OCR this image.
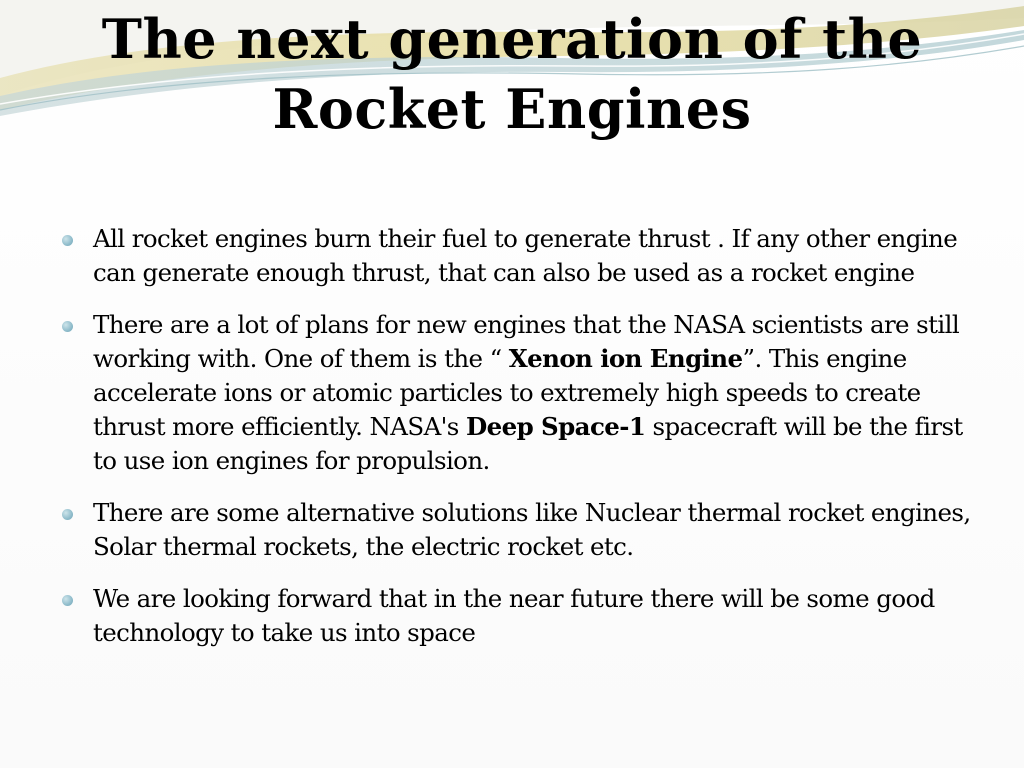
The next generation of the
Rocket Engines
All rocket engines burn their fuel to generate thrust . If any other engine can generate enough thrust, that can also be used as a rocket engine
There are a lot of plans for new engines that the NASA scientists are still working with. One of them is the “ Xenon ion Engine”. This engine accelerate ions or atomic particles to extremely high speeds to create thrust more efficiently. NASA's Deep Space-1 spacecraft will be the first to use ion engines for propulsion.
There are some alternative solutions like Nuclear thermal rocket engines, Solar thermal rockets, the electric rocket etc.
We are looking forward that in the near future there will be some good technology to take us into space
